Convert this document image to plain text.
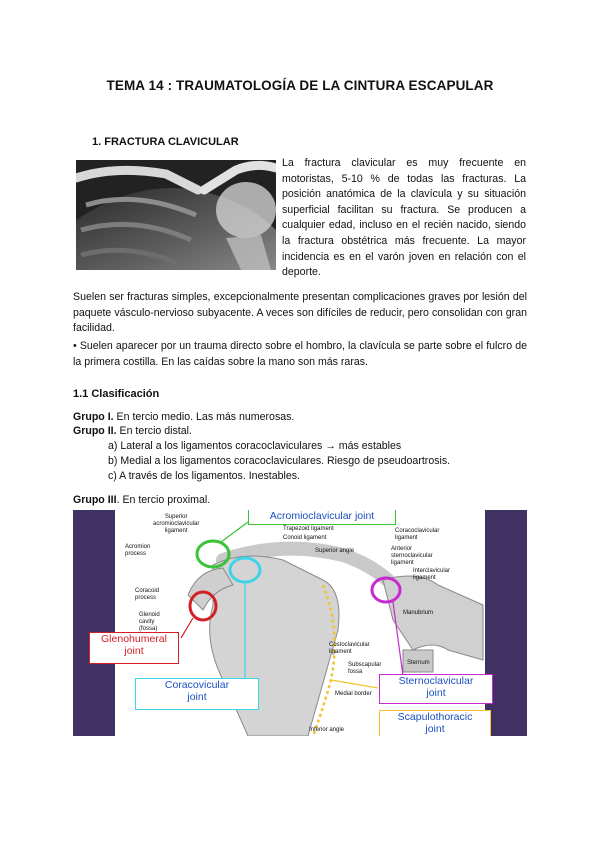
TEMA 14 : TRAUMATOLOGÍA DE LA CINTURA ESCAPULAR
1. FRACTURA CLAVICULAR
La fractura clavicular es muy frecuente en motoristas, 5-10 % de todas las fracturas. La posición anatómica de la clavícula y su situación superficial facilitan su fractura. Se producen a cualquier edad, incluso en el recién nacido, siendo la fractura obstétrica más frecuente. La mayor incidencia es en el varón joven en relación con el deporte.
Suelen ser fracturas simples, excepcionalmente presentan complicaciones graves por lesión del paquete vásculo-nervioso subyacente. A veces son difíciles de reducir, pero consolidan con gran facilidad.
• Suelen aparecer por un trauma directo sobre el hombro, la clavícula se parte sobre el fulcro de la primera costilla. En las caídas sobre la mano son más raras.
1.1 Clasificación
Grupo I. En tercio medio. Las más numerosas.
Grupo II. En tercio distal.
a) Lateral a los ligamentos coracoclaviculares → más estables
b) Medial a los ligamentos coracoclaviculares. Riesgo de pseudoartrosis.
c) A través de los ligamentos. Inestables.
Grupo III. En tercio proximal.
Superior
acromioclavicular
ligament	Trapezoid ligament
Conoid ligament
Coracoclavicular
ligament
Acromion
process	Superior angle	Anterior
sternoclavicular
ligament
Interclavicular
ligament
Coracoid
process
Glenoid
cavity
(fossa)
Manubrium
Costoclavicular
ligament
Subscapular
fossa
Sternum
Medial border
Inferior angle
Acromioclavicular joint
Glenohumeral
joint
Coracovicular
joint
Sternoclavicular
joint
Scapulothoracic
joint
